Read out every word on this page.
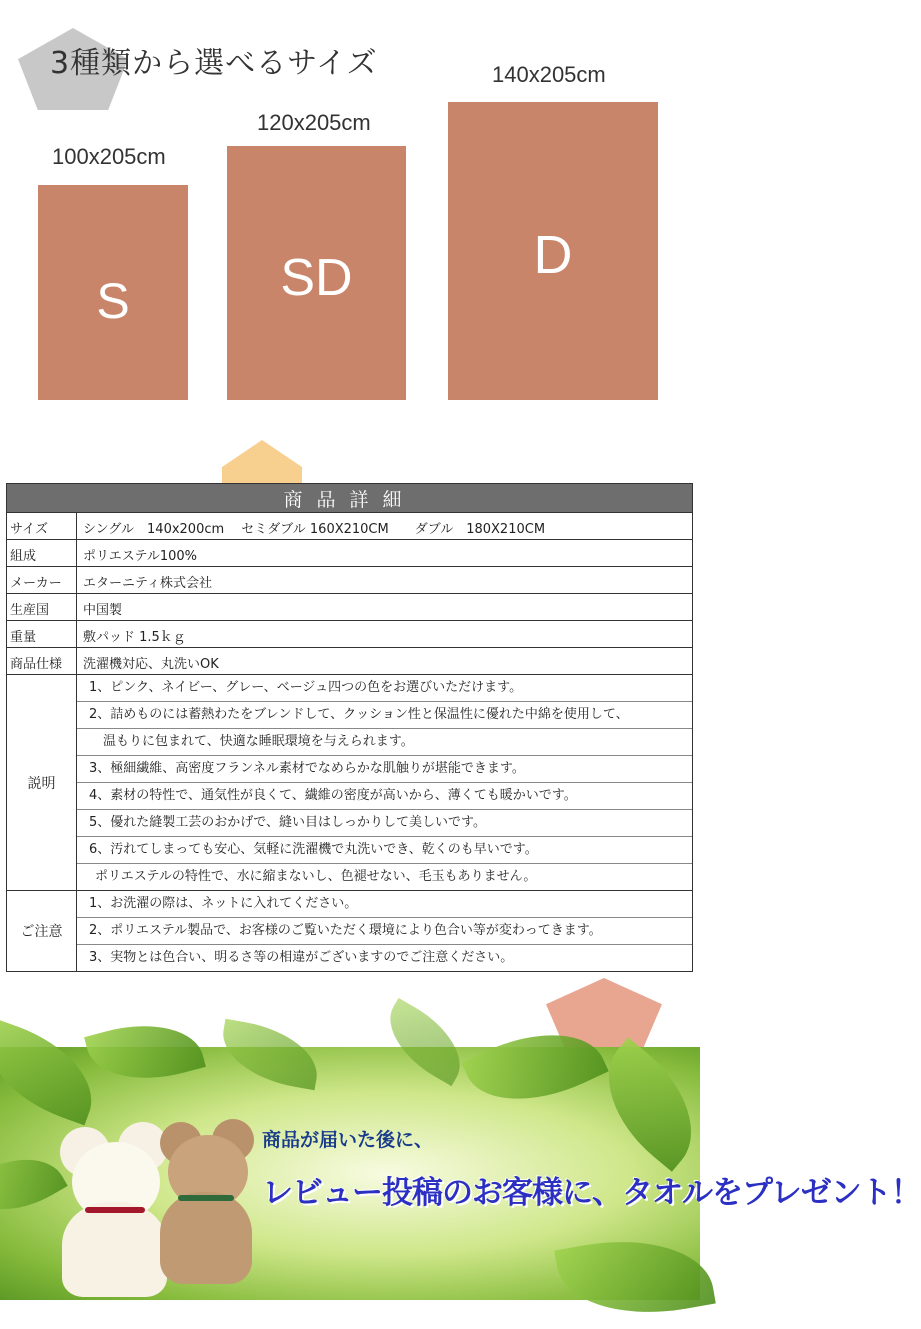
3種類から選べるサイズ
100x205cm
S
120x205cm
SD
140x205cm
D
商品詳細
サイズ	シングル　140x200cm　 セミダブル 160X210CM　　ダブル　180X210CM
組成	ポリエステル100%
メーカー	エターニティ株式会社
生産国	中国製
重量	敷パッド 1.5ｋｇ
商品仕様	洗濯機対応、丸洗いOK
説明
1、ピンク、ネイビー、グレー、ベージュ四つの色をお選びいただけます。
2、詰めものには蓄熱わたをブレンドして、クッション性と保温性に優れた中綿を使用して、
温もりに包まれて、快適な睡眠環境を与えられます。
3、極細繊維、高密度フランネル素材でなめらかな肌触りが堪能できます。
4、素材の特性で、通気性が良くて、繊維の密度が高いから、薄くても暖かいです。
5、優れた縫製工芸のおかげで、縫い目はしっかりして美しいです。
6、汚れてしまっても安心、気軽に洗濯機で丸洗いでき、乾くのも早いです。
ポリエステルの特性で、水に縮まないし、色褪せない、毛玉もありません。
ご注意
1、お洗濯の際は、ネットに入れてください。
2、ポリエステル製品で、お客様のご覧いただく環境により色合い等が変わってきます。
3、実物とは色合い、明るさ等の相違がございますのでご注意ください。
商品が届いた後に、
レビュー投稿のお客様に、タオルをプレゼント！
